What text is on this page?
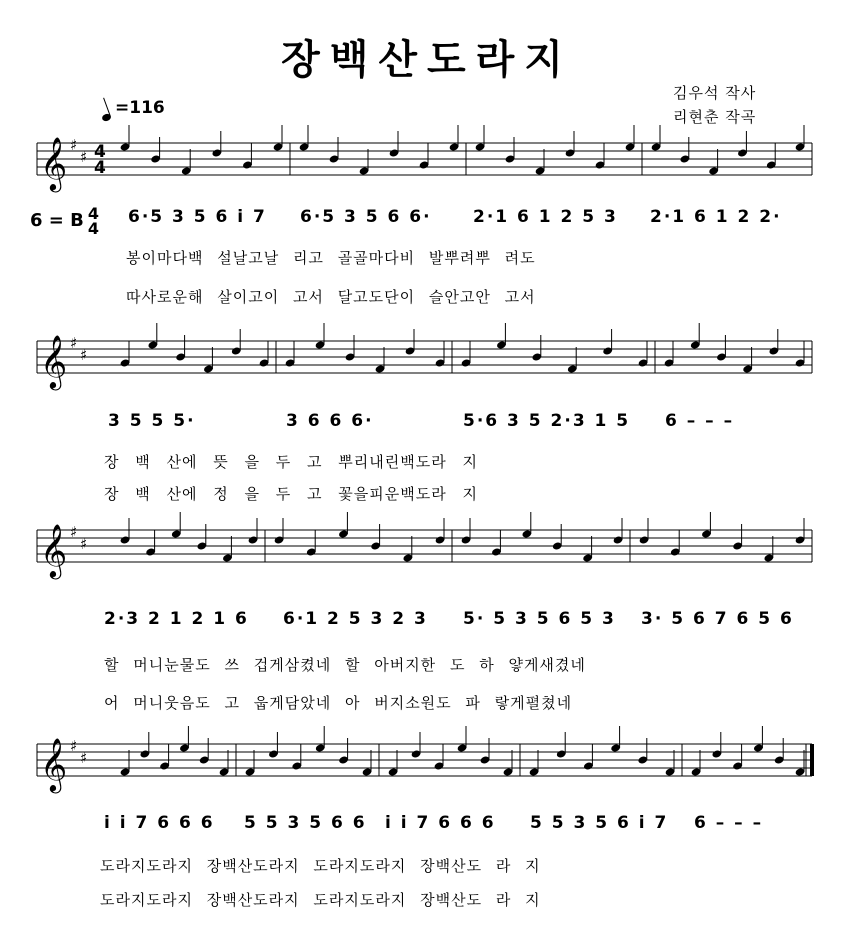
장백산도라지
김우석 작사
리현춘 작곡
=116
6 = B 4
4
𝄞 ♯
♯ 4
4
𝄞 ♯
♯
𝄞 ♯
♯
𝄞 ♯
♯
6·5 3 5 6 i 7 6·5 3 5 6 6· 2·1 6 1 2 5 3 2·1 6 1 2 2·
봉이마다백 설날고날 리고 골골마다비 발뿌려뿌 려도
따사로운해 살이고이 고서 달고도단이 슬안고안 고서
3 5 5 5·	3 6 6 6·	5·6 3 5 2·3 1 5 6 – – –
장 백 산에 뜻 을 두 고 뿌리내린백도라 지
장 백 산에 정 을 두 고 꽃을피운백도라 지
2·3 2 1 2 1 6 6·1 2 5 3 2 3 5· 5 3 5 6 5 3 3· 5 6 7 6 5 6
할 머니눈물도 쓰 겁게삼켰네 할 아버지한 도 하 얗게새겼네
어 머니웃음도 고 웁게담았네 아 버지소원도 파 랗게펼쳤네
i i 7 6 6 6 5 5 3 5 6 6 i i 7 6 6 6 5 5 3 5 6 i 7 6 – – –
도라지도라지 장백산도라지 도라지도라지 장백산도 라 지
도라지도라지 장백산도라지 도라지도라지 장백산도 라 지
